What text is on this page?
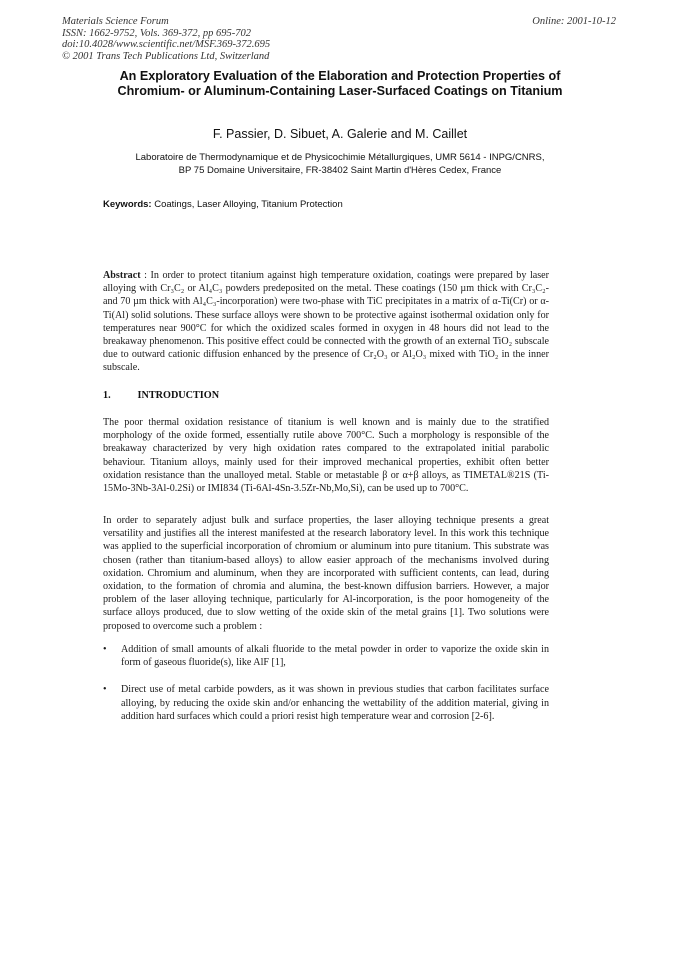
Materials Science Forum
ISSN: 1662-9752, Vols. 369-372, pp 695-702
doi:10.4028/www.scientific.net/MSF.369-372.695
© 2001 Trans Tech Publications Ltd, Switzerland
Online: 2001-10-12
An Exploratory Evaluation of the Elaboration and Protection Properties of Chromium- or Aluminum-Containing Laser-Surfaced Coatings on Titanium
F. Passier, D. Sibuet, A. Galerie and M. Caillet
Laboratoire de Thermodynamique et de Physicochimie Métallurgiques, UMR 5614 - INPG/CNRS,
BP 75 Domaine Universitaire, FR-38402 Saint Martin d'Hères Cedex, France
Keywords: Coatings, Laser Alloying, Titanium Protection
Abstract : In order to protect titanium against high temperature oxidation, coatings were prepared by laser alloying with Cr₃C₂ or Al₄C₃ powders predeposited on the metal. These coatings (150 µm thick with Cr₃C₂- and 70 µm thick with Al₄C₃-incorporation) were two-phase with TiC precipitates in a matrix of α-Ti(Cr) or α-Ti(Al) solid solutions. These surface alloys were shown to be protective against isothermal oxidation only for temperatures near 900°C for which the oxidized scales formed in oxygen in 48 hours did not lead to the breakaway phenomenon. This positive effect could be connected with the growth of an external TiO₂ subscale due to outward cationic diffusion enhanced by the presence of Cr₂O₃ or Al₂O₃ mixed with TiO₂ in the inner subscale.
1.	INTRODUCTION
The poor thermal oxidation resistance of titanium is well known and is mainly due to the stratified morphology of the oxide formed, essentially rutile above 700°C. Such a morphology is responsible of the breakaway characterized by very high oxidation rates compared to the extrapolated initial parabolic behaviour. Titanium alloys, mainly used for their improved mechanical properties, exhibit often better oxidation resistance than the unalloyed metal. Stable or metastable β or α+β alloys, as TIMETAL®21S (Ti-15Mo-3Nb-3Al-0.2Si) or IMI834 (Ti-6Al-4Sn-3.5Zr-Nb,Mo,Si), can be used up to 700°C.
In order to separately adjust bulk and surface properties, the laser alloying technique presents a great versatility and justifies all the interest manifested at the research laboratory level. In this work this technique was applied to the superficial incorporation of chromium or aluminum into pure titanium. This substrate was chosen (rather than titanium-based alloys) to allow easier approach of the mechanisms involved during oxidation. Chromium and aluminum, when they are incorporated with sufficient contents, can lead, during oxidation, to the formation of chromia and alumina, the best-known diffusion barriers. However, a major problem of the laser alloying technique, particularly for Al-incorporation, is the poor homogeneity of the surface alloys produced, due to slow wetting of the oxide skin of the metal grains [1]. Two solutions were proposed to overcome such a problem :
• Addition of small amounts of alkali fluoride to the metal powder in order to vaporize the oxide skin in form of gaseous fluoride(s), like AlF [1],
• Direct use of metal carbide powders, as it was shown in previous studies that carbon facilitates surface alloying, by reducing the oxide skin and/or enhancing the wettability of the addition material, giving in addition hard surfaces which could a priori resist high temperature wear and corrosion [2-6].
